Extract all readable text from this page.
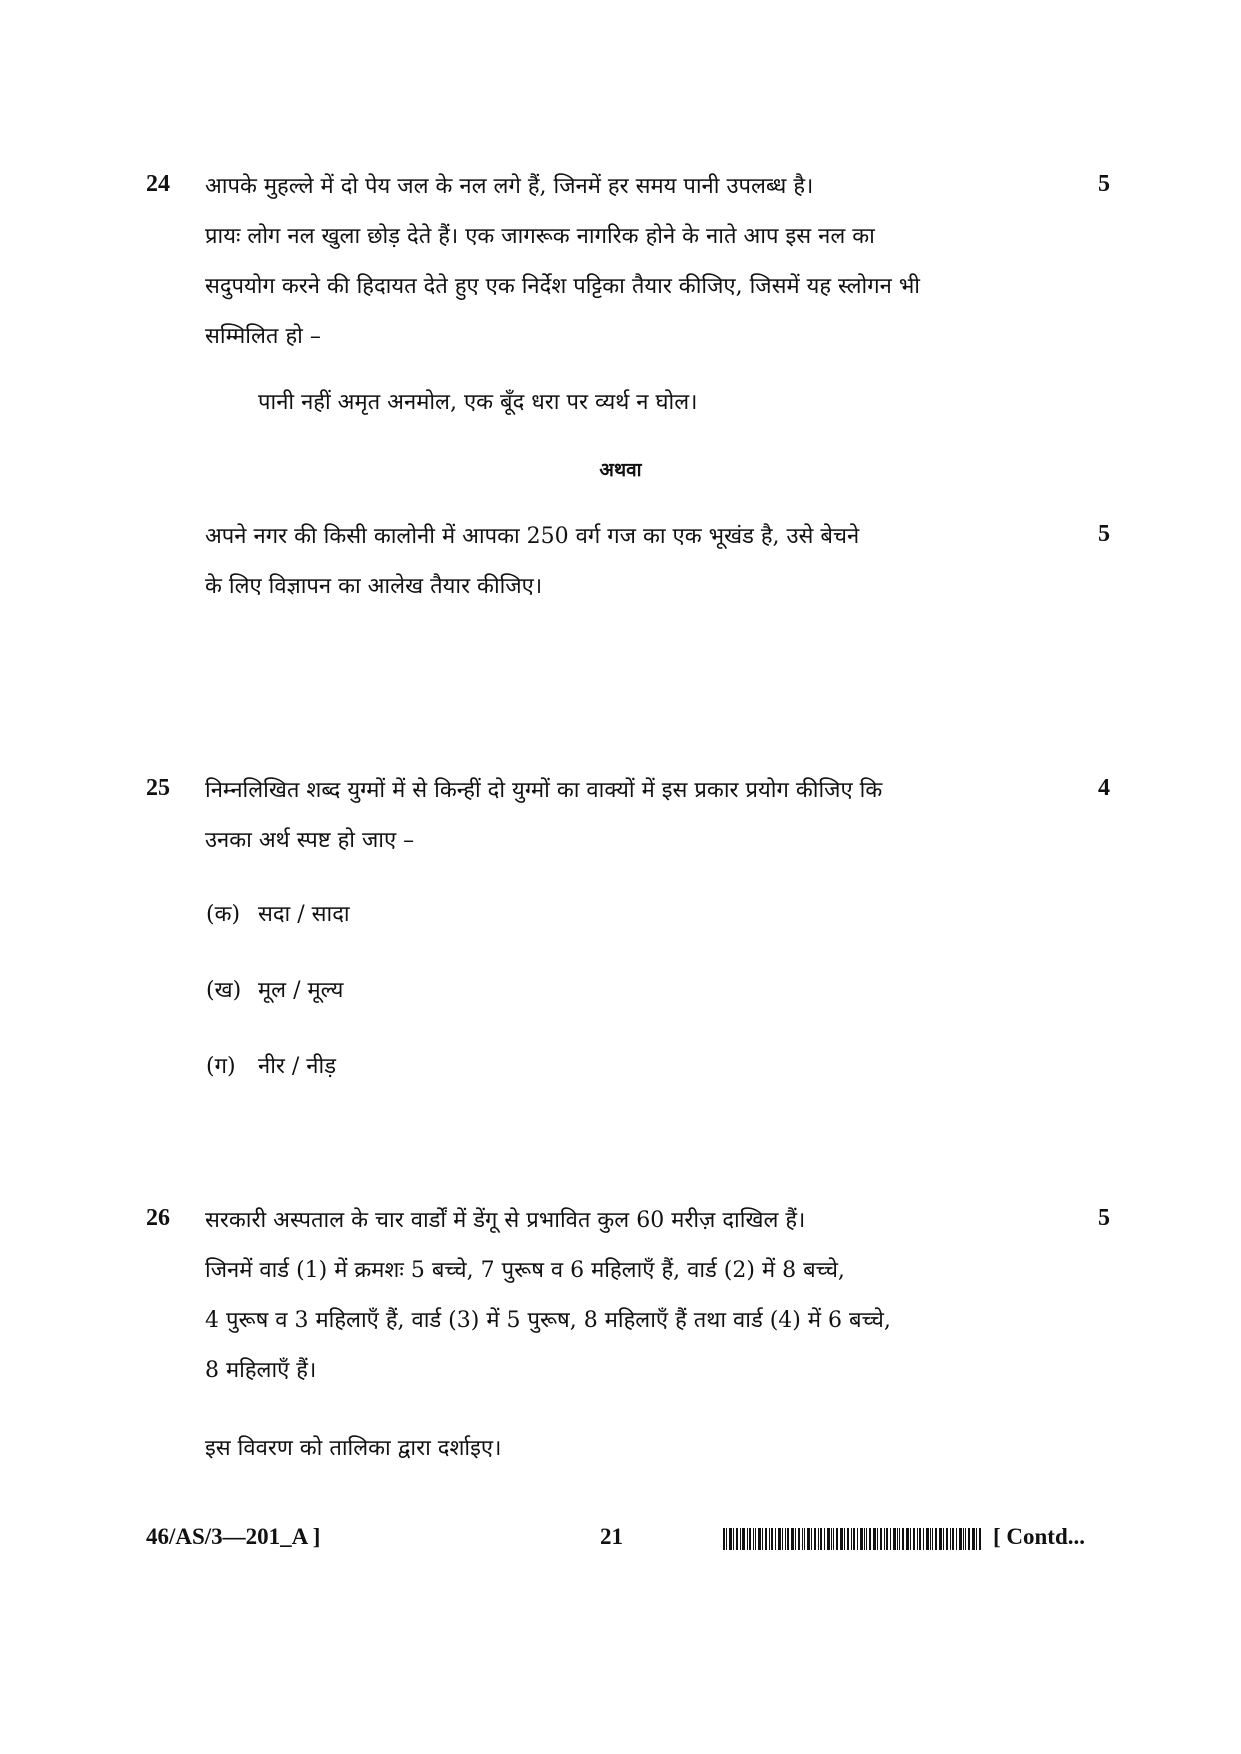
24	5
आपके मुहल्ले में दो पेय जल के नल लगे हैं, जिनमें हर समय पानी उपलब्ध है।
प्रायः लोग नल खुला छोड़ देते हैं। एक जागरूक नागरिक होने के नाते आप इस नल का
सदुपयोग करने की हिदायत देते हुए एक निर्देश पट्टिका तैयार कीजिए, जिसमें यह स्लोगन भी
सम्मिलित हो –
पानी नहीं अमृत अनमोल, एक बूँद धरा पर व्यर्थ न घोल।
अथवा
5
अपने नगर की किसी कालोनी में आपका 250 वर्ग गज का एक भूखंड है, उसे बेचने
के लिए विज्ञापन का आलेख तैयार कीजिए।
25	4
निम्नलिखित शब्द युग्मों में से किन्हीं दो युग्मों का वाक्यों में इस प्रकार प्रयोग कीजिए कि
उनका अर्थ स्पष्ट हो जाए –
(क) सदा / सादा
(ख) मूल / मूल्य
(ग) नीर / नीड़
26	5
सरकारी अस्पताल के चार वार्डों में डेंगू से प्रभावित कुल 60 मरीज़ दाखिल हैं।
जिनमें वार्ड (1) में क्रमशः 5 बच्चे, 7 पुरूष व 6 महिलाएँ हैं, वार्ड (2) में 8 बच्चे,
4 पुरूष व 3 महिलाएँ हैं, वार्ड (3) में 5 पुरूष, 8 महिलाएँ हैं तथा वार्ड (4) में 6 बच्चे,
8 महिलाएँ हैं।
इस विवरण को तालिका द्वारा दर्शाइए।
46/AS/3—201_A ]	21	[ Contd...
